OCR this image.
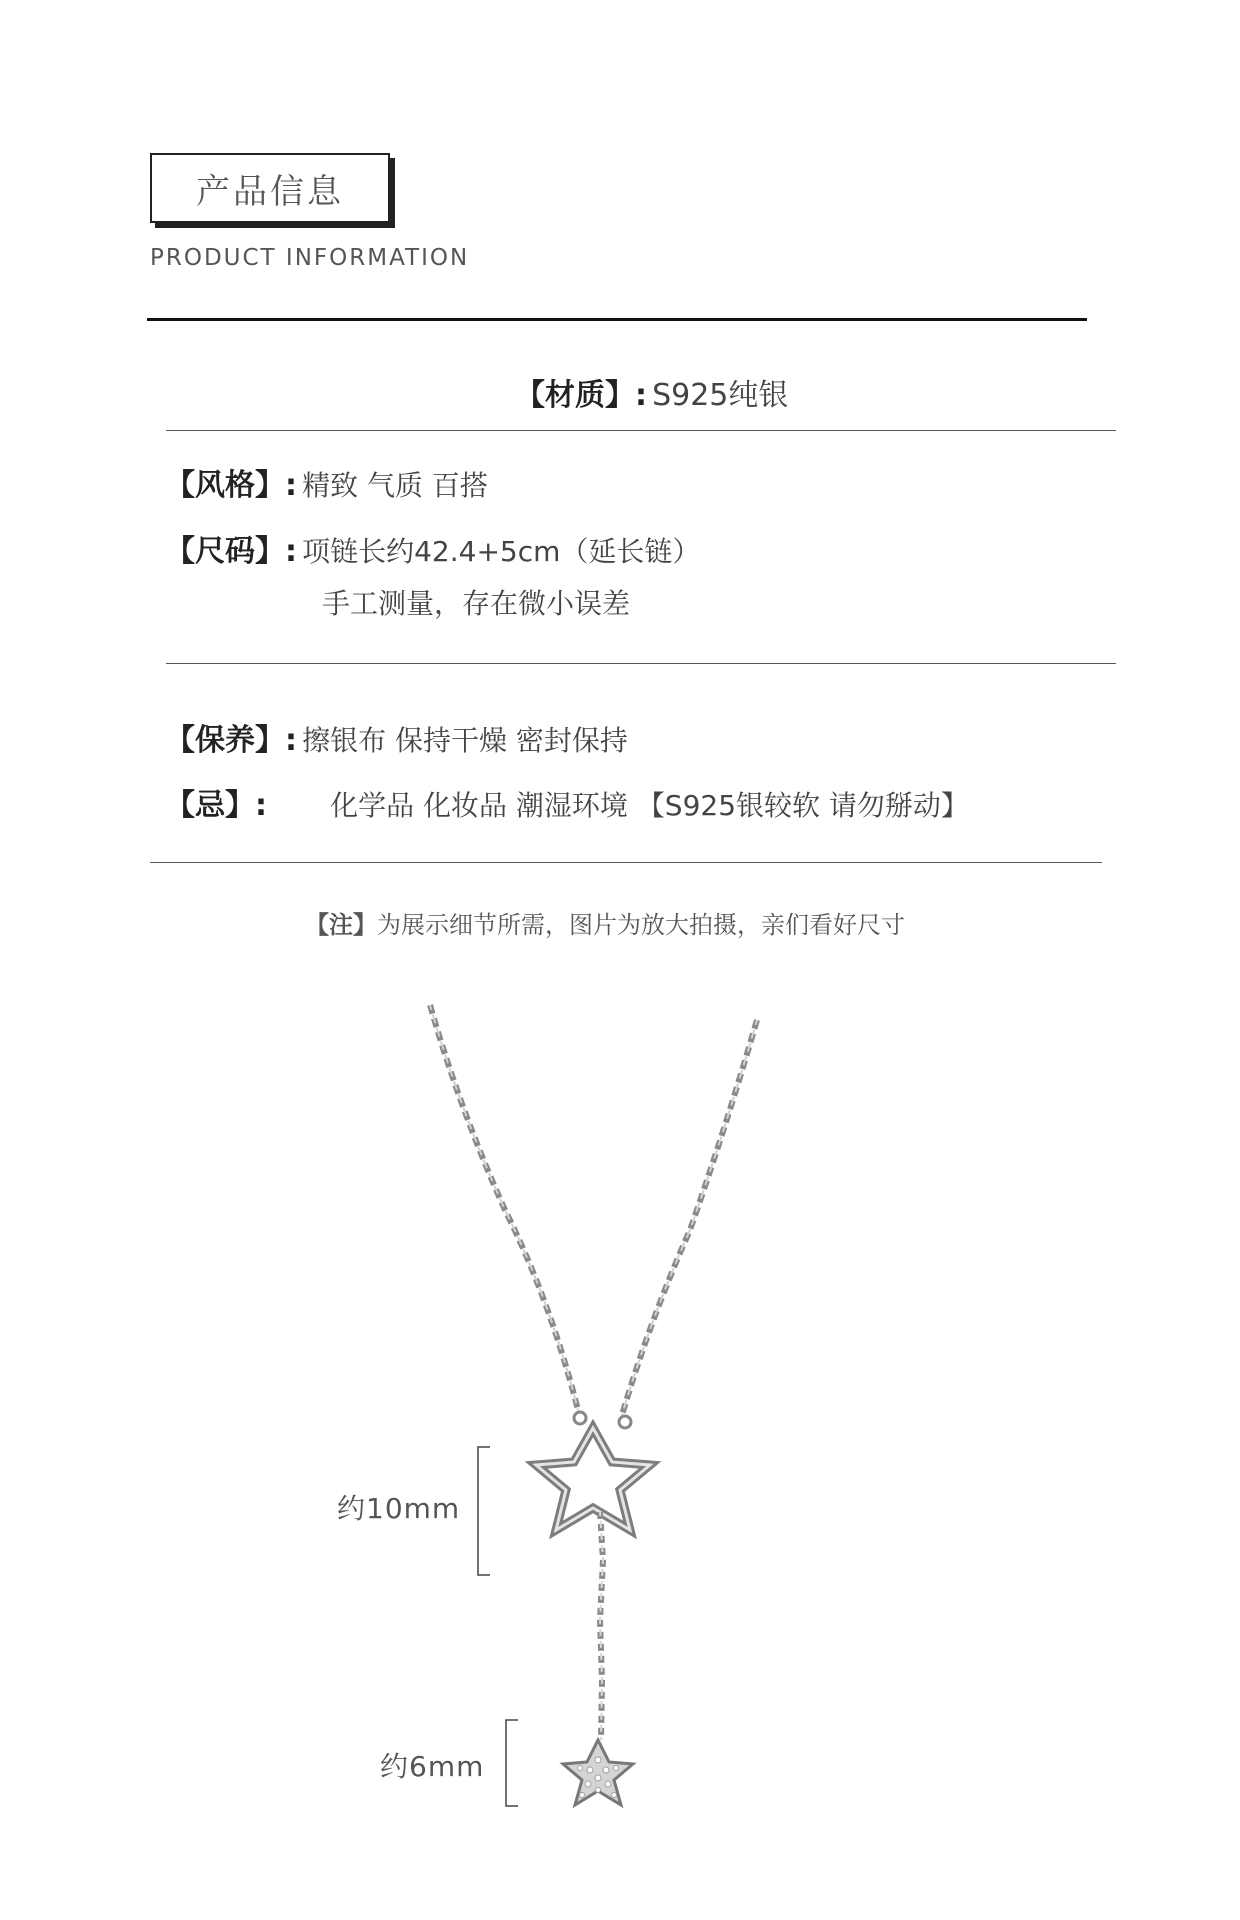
产品信息
PRODUCT INFORMATION
【材质】: S925纯银
【风格】: 精致 气质 百搭
【尺码】: 项链长约42.4+5cm（延长链）
手工测量，存在微小误差
【保养】: 擦银布 保持干燥 密封保持
【忌】: 化学品 化妆品 潮湿环境 【S925银较软 请勿掰动】
【注】为展示细节所需，图片为放大拍摄，亲们看好尺寸
约10mm
约6mm
